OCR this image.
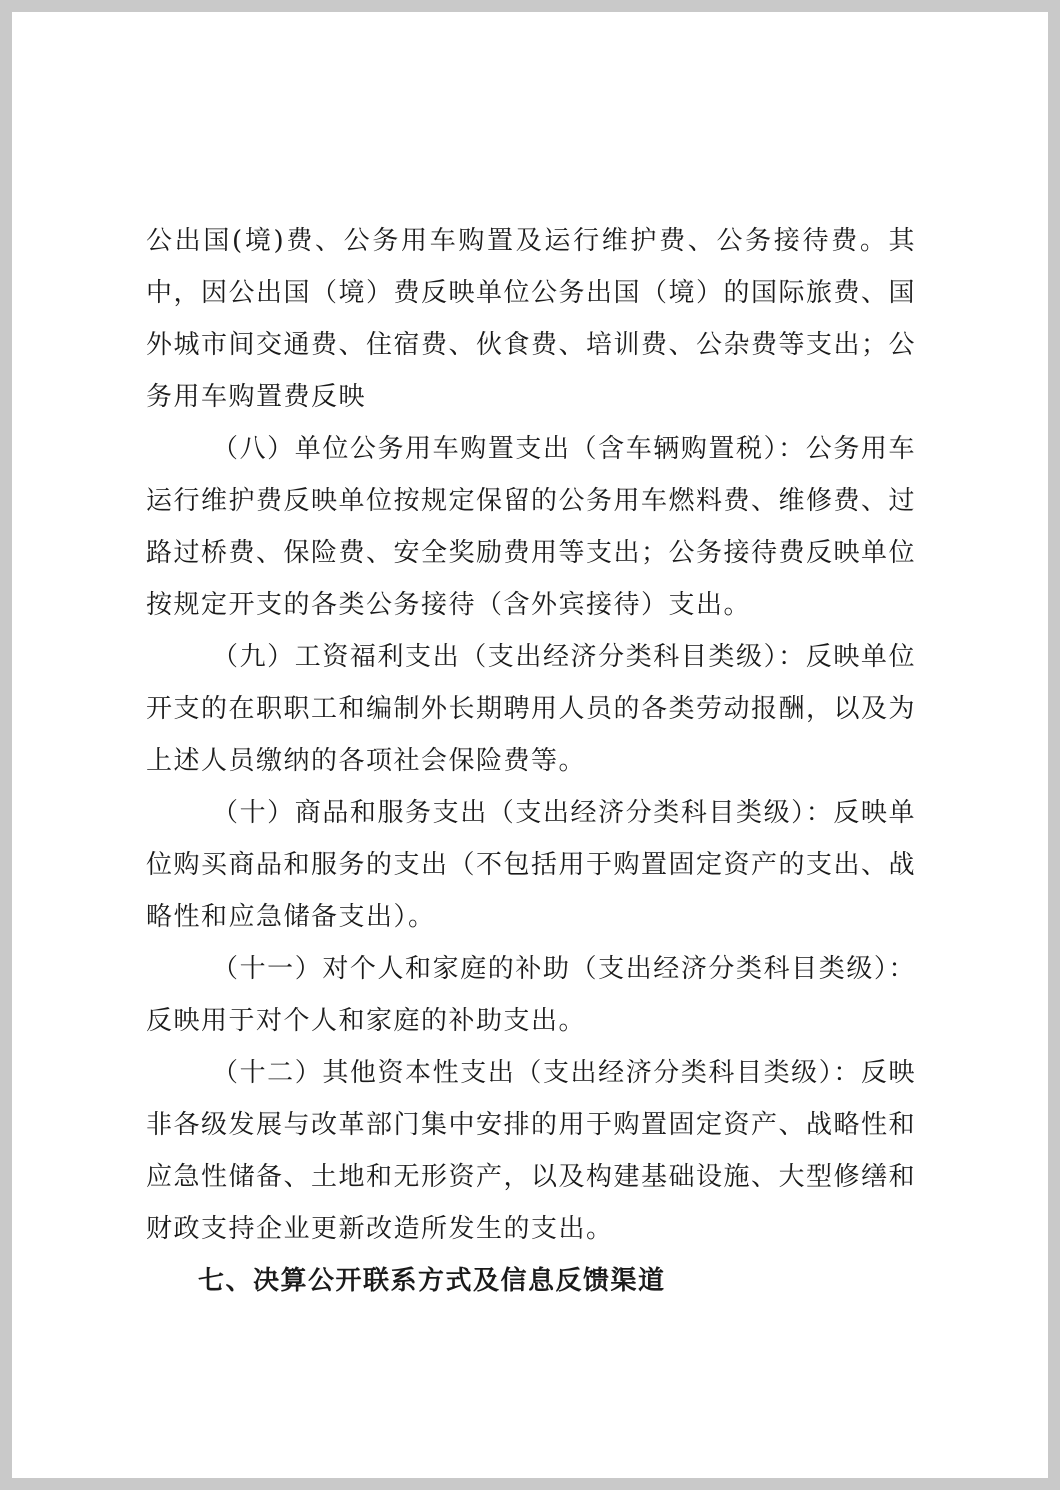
公出国(境)费、公务用车购置及运行维护费、公务接待费。其中，因公出国（境）费反映单位公务出国（境）的国际旅费、国外城市间交通费、住宿费、伙食费、培训费、公杂费等支出；公务用车购置费反映

（八）单位公务用车购置支出（含车辆购置税）：公务用车运行维护费反映单位按规定保留的公务用车燃料费、维修费、过路过桥费、保险费、安全奖励费用等支出；公务接待费反映单位按规定开支的各类公务接待（含外宾接待）支出。

（九）工资福利支出（支出经济分类科目类级）：反映单位开支的在职职工和编制外长期聘用人员的各类劳动报酬，以及为上述人员缴纳的各项社会保险费等。

（十）商品和服务支出（支出经济分类科目类级）：反映单位购买商品和服务的支出（不包括用于购置固定资产的支出、战略性和应急储备支出）。

（十一）对个人和家庭的补助（支出经济分类科目类级）：反映用于对个人和家庭的补助支出。

（十二）其他资本性支出（支出经济分类科目类级）：反映非各级发展与改革部门集中安排的用于购置固定资产、战略性和应急性储备、土地和无形资产，以及构建基础设施、大型修缮和财政支持企业更新改造所发生的支出。

七、决算公开联系方式及信息反馈渠道
